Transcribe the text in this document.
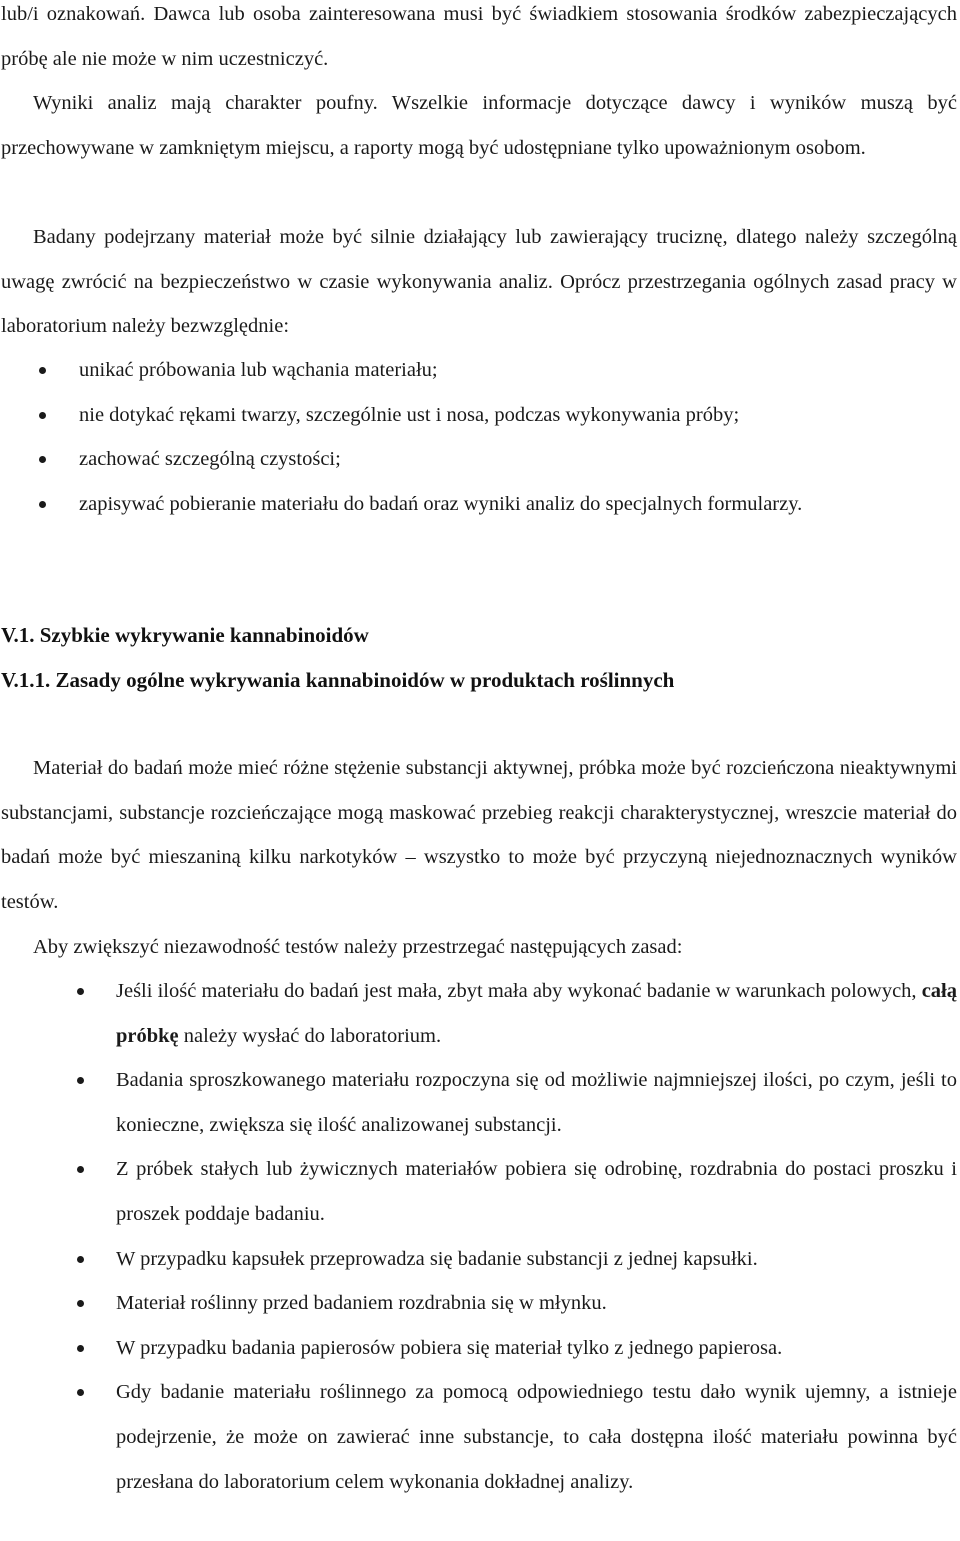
lub/i oznakowań. Dawca lub osoba zainteresowana musi być świadkiem stosowania środków zabezpieczających próbę ale nie może w nim uczestniczyć.

Wyniki analiz mają charakter poufny. Wszelkie informacje dotyczące dawcy i wyników muszą być przechowywane w zamkniętym miejscu, a raporty mogą być udostępniane tylko upoważnionym osobom.

Badany podejrzany materiał może być silnie działający lub zawierający truciznę, dlatego należy szczególną uwagę zwrócić na bezpieczeństwo w czasie wykonywania analiz. Oprócz przestrzegania ogólnych zasad pracy w laboratorium należy bezwzględnie:

unikać próbowania lub wąchania materiału;
nie dotykać rękami twarzy, szczególnie ust i nosa, podczas wykonywania próby;
zachować szczególną czystości;
zapisywać pobieranie materiału do badań oraz wyniki analiz do specjalnych formularzy.
V.1. Szybkie wykrywanie kannabinoidów
V.1.1. Zasady ogólne wykrywania kannabinoidów w produktach roślinnych

Materiał do badań może mieć różne stężenie substancji aktywnej, próbka może być rozcieńczona nieaktywnymi substancjami, substancje rozcieńczające mogą maskować przebieg reakcji charakterystycznej, wreszcie materiał do badań może być mieszaniną kilku narkotyków – wszystko to może być przyczyną niejednoznacznych wyników testów.

Aby zwiększyć niezawodność testów należy przestrzegać następujących zasad:

Jeśli ilość materiału do badań jest mała, zbyt mała aby wykonać badanie w warunkach polowych, całą próbkę należy wysłać do laboratorium.
Badania sproszkowanego materiału rozpoczyna się od możliwie najmniejszej ilości, po czym, jeśli to konieczne, zwiększa się ilość analizowanej substancji.
Z próbek stałych lub żywicznych materiałów pobiera się odrobinę, rozdrabnia do postaci proszku i proszek poddaje badaniu.
W przypadku kapsułek przeprowadza się badanie substancji z jednej kapsułki.
Materiał roślinny przed badaniem rozdrabnia się w młynku.
W przypadku badania papierosów pobiera się materiał tylko z jednego papierosa.
Gdy badanie materiału roślinnego za pomocą odpowiedniego testu dało wynik ujemny, a istnieje podejrzenie, że może on zawierać inne substancje, to cała dostępna ilość materiału powinna być przesłana do laboratorium celem wykonania dokładnej analizy.
